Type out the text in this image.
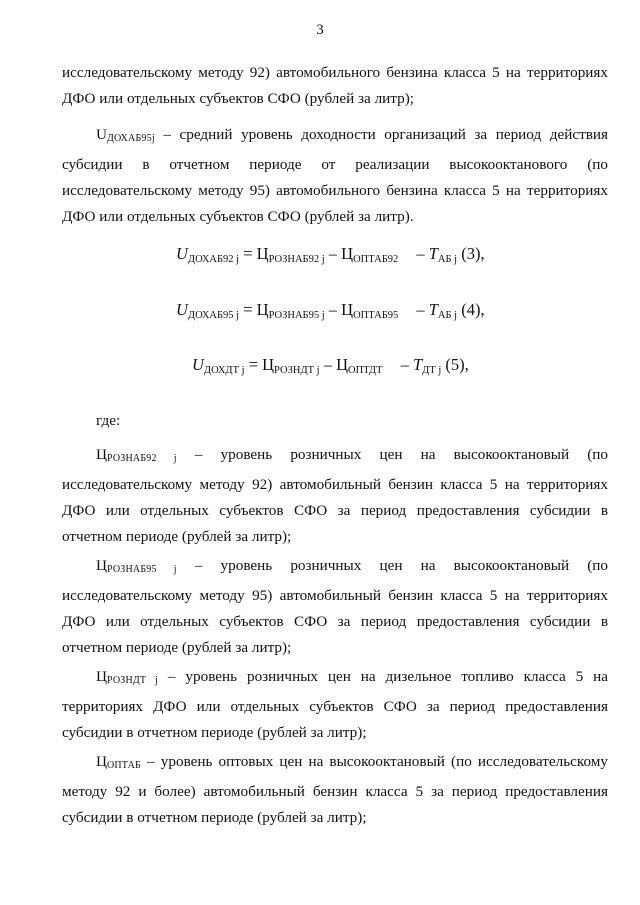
3

исследовательскому методу 92) автомобильного бензина класса 5 на территориях ДФО или отдельных субъектов СФО (рублей за литр);

$U_{ДОХАБ95j}$ – средний уровень доходности организаций за период действия субсидии в отчетном периоде от реализации высокооктанового (по исследовательскому методу 95) автомобильного бензина класса 5 на территориях ДФО или отдельных субъектов СФО (рублей за литр).

UДОХАБ92 j = ЦРОЗНАБ92 j – ЦОПТАБ92 – TАБ j (3),
UДОХАБ95 j = ЦРОЗНАБ95 j – ЦОПТАБ95 – TАБ j (4),
UДОХДТ j = ЦРОЗНДТ j – ЦОПТДТ – TДТ j (5),

где:

$Ц_{РОЗНАБ92 j}$ – уровень розничных цен на высокооктановый (по исследовательскому методу 92) автомобильный бензин класса 5 на территориях ДФО или отдельных субъектов СФО за период предоставления субсидии в отчетном периоде (рублей за литр);

$Ц_{РОЗНАБ95 j}$ – уровень розничных цен на высокооктановый (по исследовательскому методу 95) автомобильный бензин класса 5 на территориях ДФО или отдельных субъектов СФО за период предоставления субсидии в отчетном периоде (рублей за литр);

$Ц_{РОЗНДТ j}$ – уровень розничных цен на дизельное топливо класса 5 на территориях ДФО или отдельных субъектов СФО за период предоставления субсидии в отчетном периоде (рублей за литр);

$Ц_{ОПТАБ}$ – уровень оптовых цен на высокооктановый (по исследовательскому методу 92 и более) автомобильный бензин класса 5 за период предоставления субсидии в отчетном периоде (рублей за литр);
